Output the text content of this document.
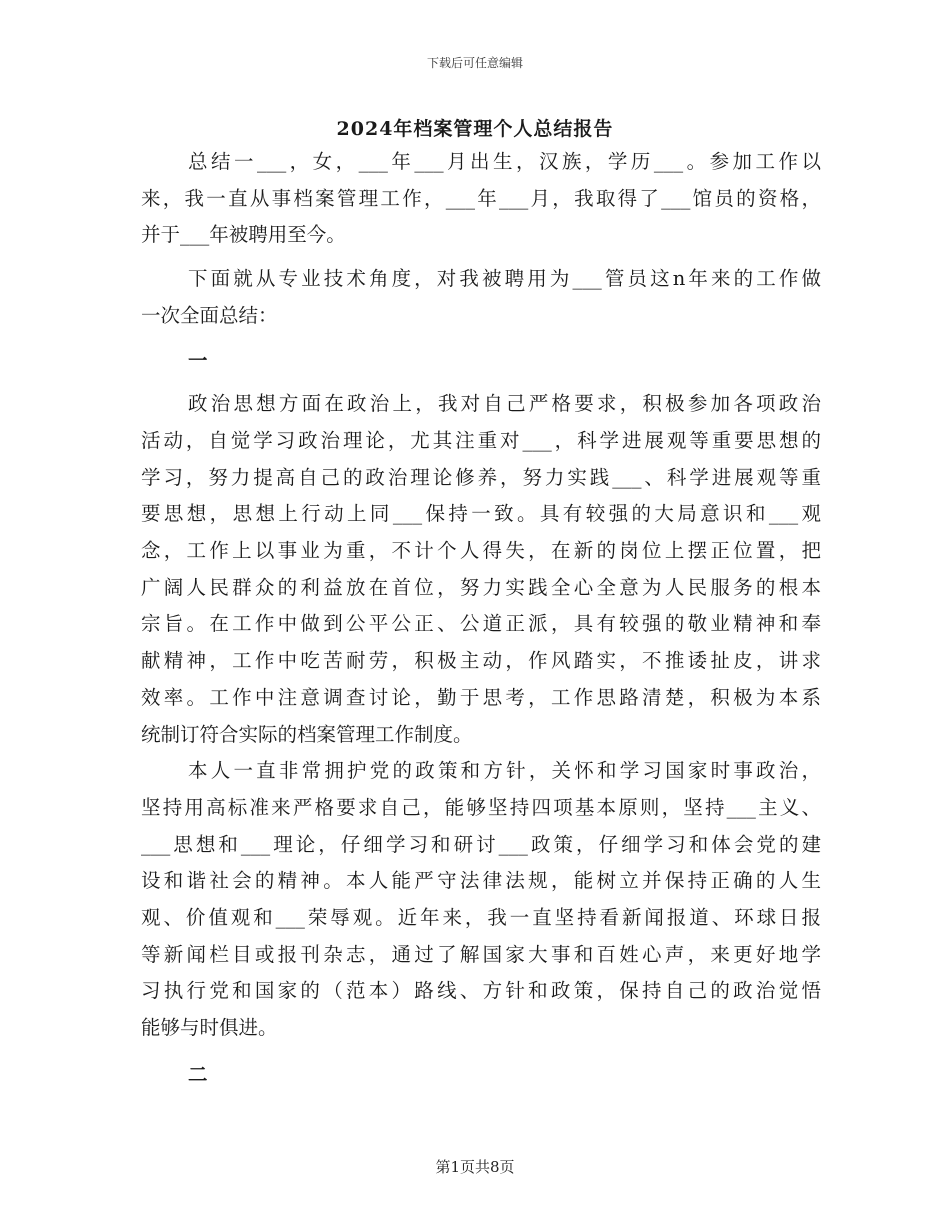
下载后可任意编辑
2024年档案管理个人总结报告
总结一___，女，___年___月出生，汉族，学历___。参加工作以
来，我一直从事档案管理工作，___年___月，我取得了___馆员的资格，
并于___年被聘用至今。
下面就从专业技术角度，对我被聘用为___管员这n年来的工作做
一次全面总结：
一
政治思想方面在政治上，我对自己严格要求，积极参加各项政治
活动，自觉学习政治理论，尤其注重对___，科学进展观等重要思想的
学习，努力提高自己的政治理论修养，努力实践___、科学进展观等重
要思想，思想上行动上同___保持一致。具有较强的大局意识和___观
念，工作上以事业为重，不计个人得失，在新的岗位上摆正位置，把
广阔人民群众的利益放在首位，努力实践全心全意为人民服务的根本
宗旨。在工作中做到公平公正、公道正派，具有较强的敬业精神和奉
献精神，工作中吃苦耐劳，积极主动，作风踏实，不推诿扯皮，讲求
效率。工作中注意调查讨论，勤于思考，工作思路清楚，积极为本系
统制订符合实际的档案管理工作制度。
本人一直非常拥护党的政策和方针，关怀和学习国家时事政治，
坚持用高标准来严格要求自己，能够坚持四项基本原则，坚持___主义、
___思想和___理论，仔细学习和研讨___政策，仔细学习和体会党的建
设和谐社会的精神。本人能严守法律法规，能树立并保持正确的人生
观、价值观和___荣辱观。近年来，我一直坚持看新闻报道、环球日报
等新闻栏目或报刊杂志，通过了解国家大事和百姓心声，来更好地学
习执行党和国家的（范本）路线、方针和政策，保持自己的政治觉悟
能够与时俱进。
二
第1页共8页
